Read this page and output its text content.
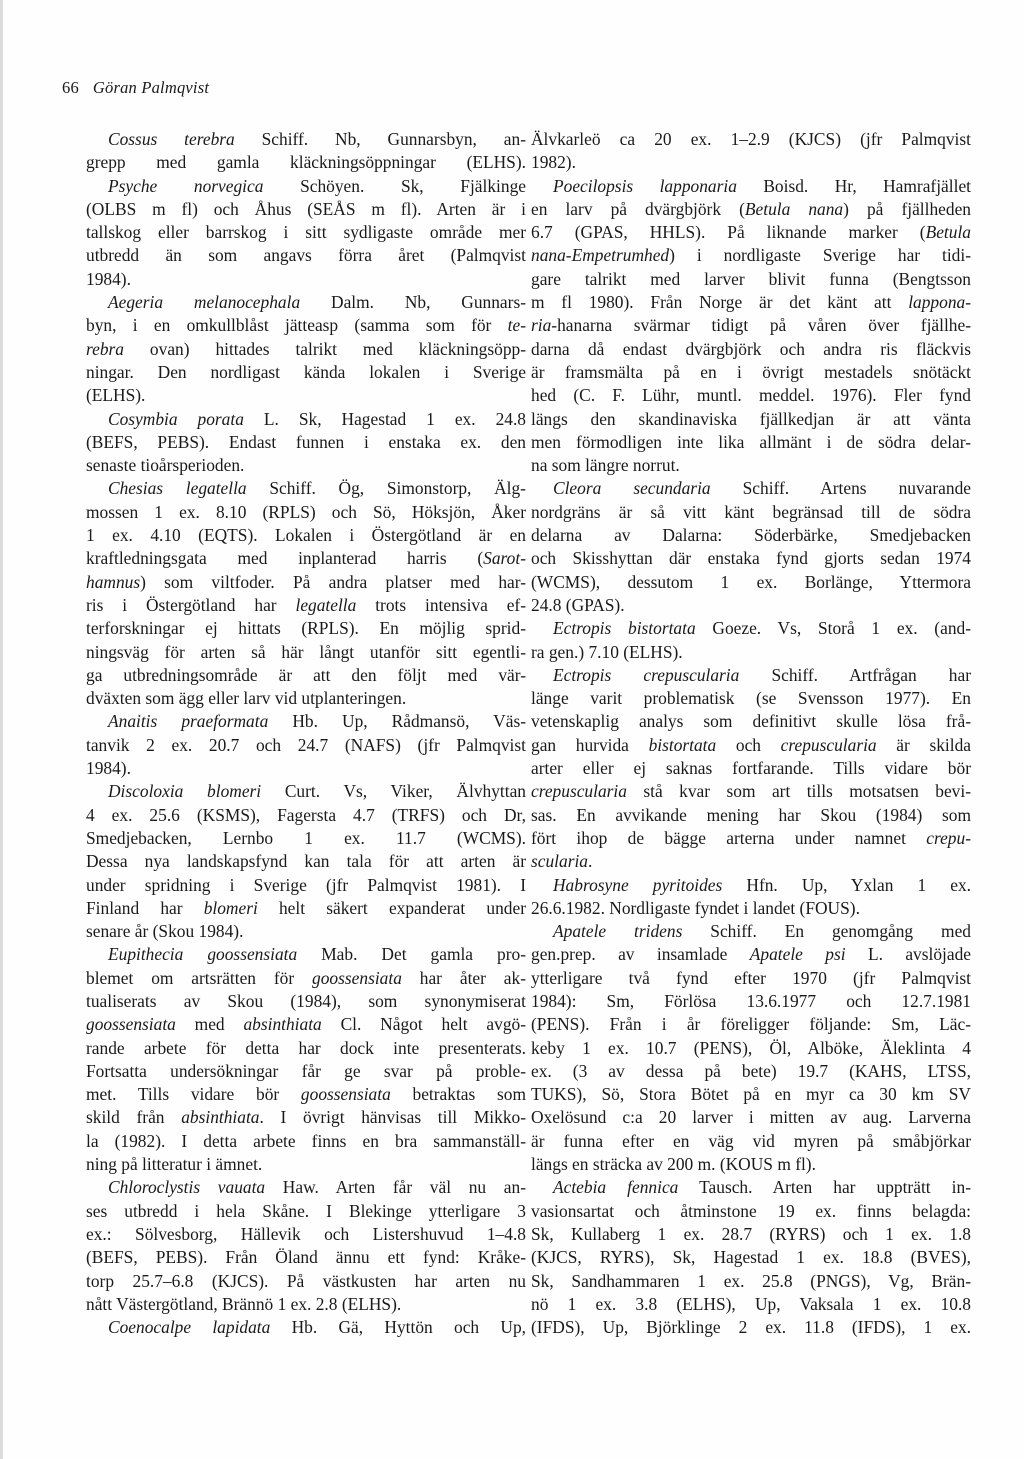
66 Göran Palmqvist
Cossus terebra Schiff. Nb, Gunnarsbyn, an-
grepp med gamla kläckningsöppningar (ELHS).
Psyche norvegica Schöyen. Sk, Fjälkinge
(OLBS m fl) och Åhus (SEÅS m fl). Arten är i
tallskog eller barrskog i sitt sydligaste område mer
utbredd än som angavs förra året (Palmqvist
1984).
Aegeria melanocephala Dalm. Nb, Gunnars-
byn, i en omkullblåst jätteasp (samma som för te-
rebra ovan) hittades talrikt med kläckningsöpp-
ningar. Den nordligast kända lokalen i Sverige
(ELHS).
Cosymbia porata L. Sk, Hagestad 1 ex. 24.8
(BEFS, PEBS). Endast funnen i enstaka ex. den
senaste tioårsperioden.
Chesias legatella Schiff. Ög, Simonstorp, Älg-
mossen 1 ex. 8.10 (RPLS) och Sö, Höksjön, Åker
1 ex. 4.10 (EQTS). Lokalen i Östergötland är en
kraftledningsgata med inplanterad harris (Sarot-
hamnus) som viltfoder. På andra platser med har-
ris i Östergötland har legatella trots intensiva ef-
terforskningar ej hittats (RPLS). En möjlig sprid-
ningsväg för arten så här långt utanför sitt egentli-
ga utbredningsområde är att den följt med vär-
dväxten som ägg eller larv vid utplanteringen.
Anaitis praeformata Hb. Up, Rådmansö, Väs-
tanvik 2 ex. 20.7 och 24.7 (NAFS) (jfr Palmqvist
1984).
Discoloxia blomeri Curt. Vs, Viker, Älvhyttan
4 ex. 25.6 (KSMS), Fagersta 4.7 (TRFS) och Dr,
Smedjebacken, Lernbo 1 ex. 11.7 (WCMS).
Dessa nya landskapsfynd kan tala för att arten är
under spridning i Sverige (jfr Palmqvist 1981). I
Finland har blomeri helt säkert expanderat under
senare år (Skou 1984).
Eupithecia goossensiata Mab. Det gamla pro-
blemet om artsrätten för goossensiata har åter ak-
tualiserats av Skou (1984), som synonymiserat
goossensiata med absinthiata Cl. Något helt avgö-
rande arbete för detta har dock inte presenterats.
Fortsatta undersökningar får ge svar på proble-
met. Tills vidare bör goossensiata betraktas som
skild från absinthiata. I övrigt hänvisas till Mikko-
la (1982). I detta arbete finns en bra sammanställ-
ning på litteratur i ämnet.
Chloroclystis vauata Haw. Arten får väl nu an-
ses utbredd i hela Skåne. I Blekinge ytterligare 3
ex.: Sölvesborg, Hällevik och Listershuvud 1–4.8
(BEFS, PEBS). Från Öland ännu ett fynd: Kråke-
torp 25.7–6.8 (KJCS). På västkusten har arten nu
nått Västergötland, Brännö 1 ex. 2.8 (ELHS).
Coenocalpe lapidata Hb. Gä, Hyttön och Up,
Älvkarleö ca 20 ex. 1–2.9 (KJCS) (jfr Palmqvist
1982).
Poecilopsis lapponaria Boisd. Hr, Hamrafjället
en larv på dvärgbjörk (Betula nana) på fjällheden
6.7 (GPAS, HHLS). På liknande marker (Betula
nana-Empetrumhed) i nordligaste Sverige har tidi-
gare talrikt med larver blivit funna (Bengtsson
m fl 1980). Från Norge är det känt att lappona-
ria-hanarna svärmar tidigt på våren över fjällhe-
darna då endast dvärgbjörk och andra ris fläckvis
är framsmälta på en i övrigt mestadels snötäckt
hed (C. F. Lühr, muntl. meddel. 1976). Fler fynd
längs den skandinaviska fjällkedjan är att vänta
men förmodligen inte lika allmänt i de södra delar-
na som längre norrut.
Cleora secundaria Schiff. Artens nuvarande
nordgräns är så vitt känt begränsad till de södra
delarna av Dalarna: Söderbärke, Smedjebacken
och Skisshyttan där enstaka fynd gjorts sedan 1974
(WCMS), dessutom 1 ex. Borlänge, Yttermora
24.8 (GPAS).
Ectropis bistortata Goeze. Vs, Storå 1 ex. (and-
ra gen.) 7.10 (ELHS).
Ectropis crepuscularia Schiff. Artfrågan har
länge varit problematisk (se Svensson 1977). En
vetenskaplig analys som definitivt skulle lösa frå-
gan hurvida bistortata och crepuscularia är skilda
arter eller ej saknas fortfarande. Tills vidare bör
crepuscularia stå kvar som art tills motsatsen bevi-
sas. En avvikande mening har Skou (1984) som
fört ihop de bägge arterna under namnet crepu-
scularia.
Habrosyne pyritoides Hfn. Up, Yxlan 1 ex.
26.6.1982. Nordligaste fyndet i landet (FOUS).
Apatele tridens Schiff. En genomgång med
gen.prep. av insamlade Apatele psi L. avslöjade
ytterligare två fynd efter 1970 (jfr Palmqvist
1984): Sm, Förlösa 13.6.1977 och 12.7.1981
(PENS). Från i år föreligger följande: Sm, Läc-
keby 1 ex. 10.7 (PENS), Öl, Alböke, Äleklinta 4
ex. (3 av dessa på bete) 19.7 (KAHS, LTSS,
TUKS), Sö, Stora Bötet på en myr ca 30 km SV
Oxelösund c:a 20 larver i mitten av aug. Larverna
är funna efter en väg vid myren på småbjörkar
längs en sträcka av 200 m. (KOUS m fl).
Actebia fennica Tausch. Arten har uppträtt in-
vasionsartat och åtminstone 19 ex. finns belagda:
Sk, Kullaberg 1 ex. 28.7 (RYRS) och 1 ex. 1.8
(KJCS, RYRS), Sk, Hagestad 1 ex. 18.8 (BVES),
Sk, Sandhammaren 1 ex. 25.8 (PNGS), Vg, Brän-
nö 1 ex. 3.8 (ELHS), Up, Vaksala 1 ex. 10.8
(IFDS), Up, Björklinge 2 ex. 11.8 (IFDS), 1 ex.
